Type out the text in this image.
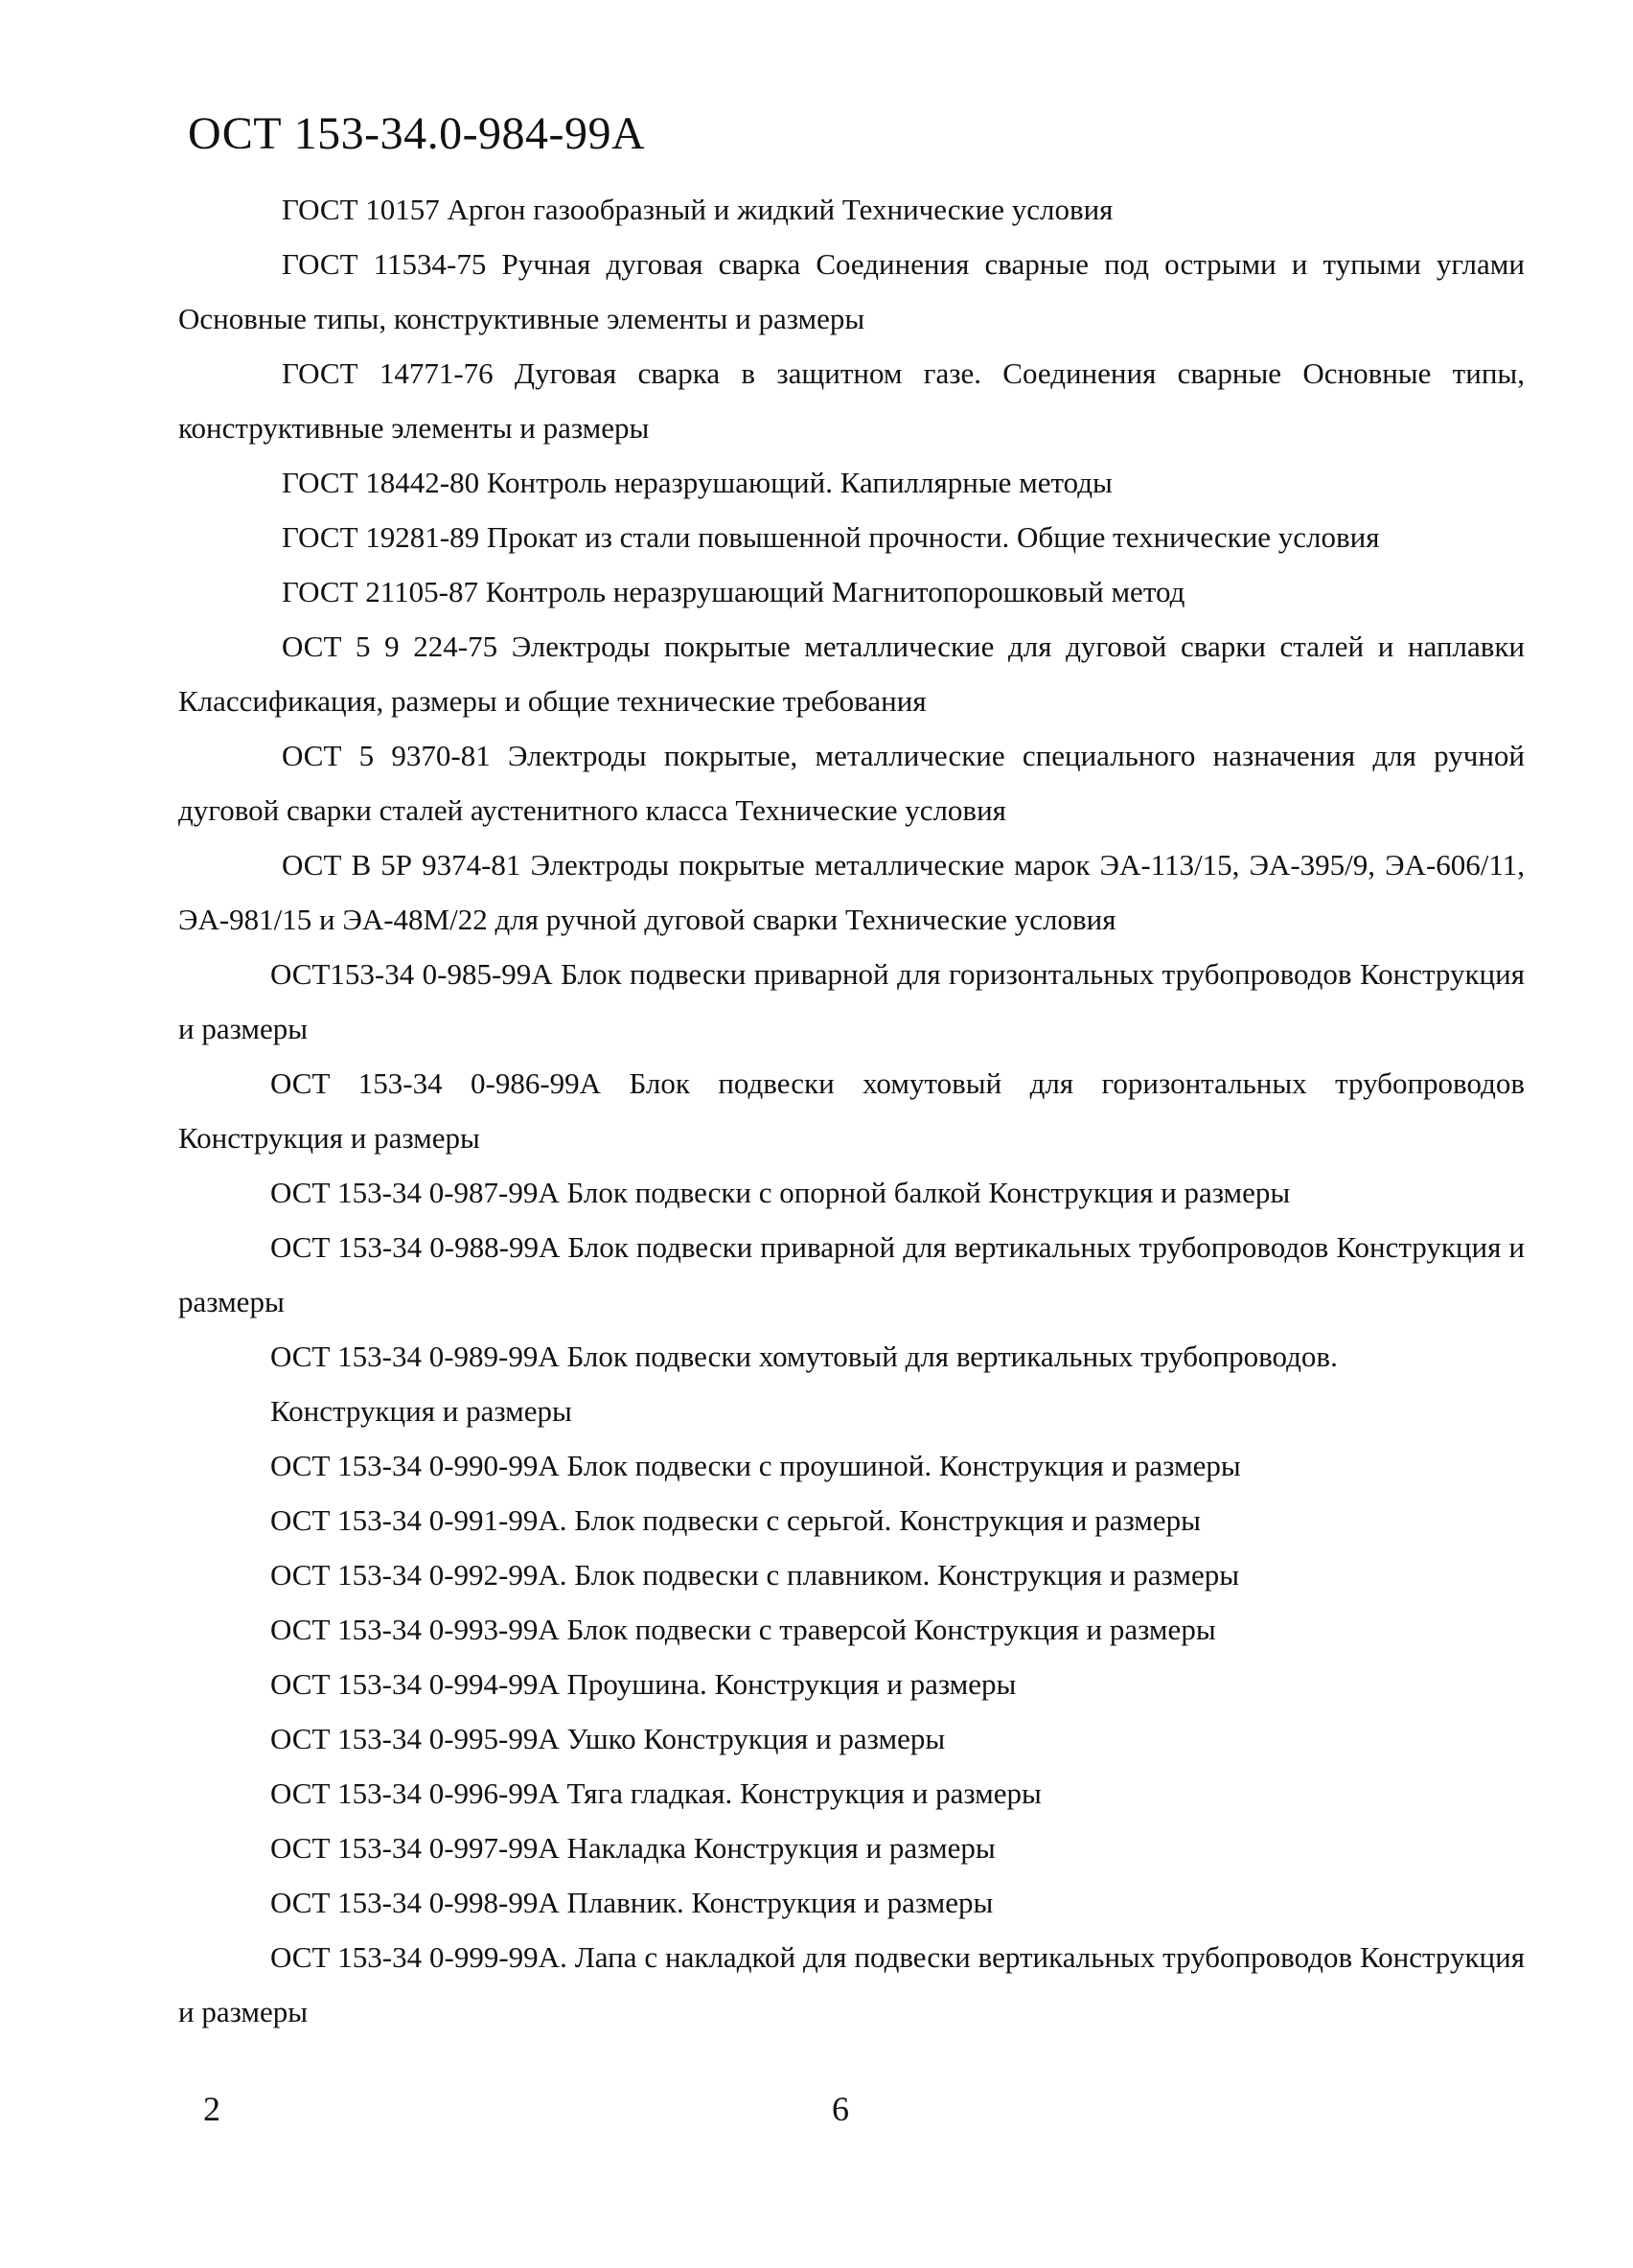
ОСТ 153-34.0-984-99А

ГОСТ 10157 Аргон газообразный и жидкий Технические условия

ГОСТ 11534-75 Ручная дуговая сварка Соединения сварные под острыми и тупыми углами Основные типы, конструктивные элементы и размеры

ГОСТ 14771-76 Дуговая сварка в защитном газе. Соединения сварные Основные типы, конструктивные элементы и размеры

ГОСТ 18442-80 Контроль неразрушающий. Капиллярные методы

ГОСТ 19281-89 Прокат из стали повышенной прочности. Общие технические условия

ГОСТ 21105-87 Контроль неразрушающий Магнитопорошковый метод

ОСТ 5 9 224-75 Электроды покрытые металлические для дуговой сварки сталей и наплавки Классификация, размеры и общие технические требования

ОСТ 5 9370-81 Электроды покрытые, металлические специального назначения для ручной дуговой сварки сталей аустенитного класса Технические условия

ОСТ В 5Р 9374-81 Электроды покрытые металлические марок ЭА-113/15, ЭА-395/9, ЭА-606/11, ЭА-981/15 и ЭА-48М/22 для ручной дуговой сварки Технические условия

ОСТ153-34 0-985-99А Блок подвески приварной для горизонтальных трубопроводов Конструкция и размеры

ОСТ 153-34 0-986-99А Блок подвески хомутовый для горизонтальных трубопроводов Конструкция и размеры

ОСТ 153-34 0-987-99А Блок подвески с опорной балкой Конструкция и размеры

ОСТ 153-34 0-988-99А Блок подвески приварной для вертикальных трубопроводов Конструкция и размеры

ОСТ 153-34 0-989-99А Блок подвески хомутовый для вертикальных трубопроводов.

Конструкция и размеры

ОСТ 153-34 0-990-99А Блок подвески с проушиной. Конструкция и размеры

ОСТ 153-34 0-991-99А. Блок подвески с серьгой. Конструкция и размеры

ОСТ 153-34 0-992-99А. Блок подвески с плавником. Конструкция и размеры

ОСТ 153-34 0-993-99А Блок подвески с траверсой Конструкция и размеры

ОСТ 153-34 0-994-99А Проушина. Конструкция и размеры

ОСТ 153-34 0-995-99А Ушко Конструкция и размеры

ОСТ 153-34 0-996-99А Тяга гладкая. Конструкция и размеры

ОСТ 153-34 0-997-99А Накладка Конструкция и размеры

ОСТ 153-34 0-998-99А Плавник. Конструкция и размеры

ОСТ 153-34 0-999-99А. Лапа с накладкой для подвески вертикальных трубопроводов Конструкция и размеры

2	6
